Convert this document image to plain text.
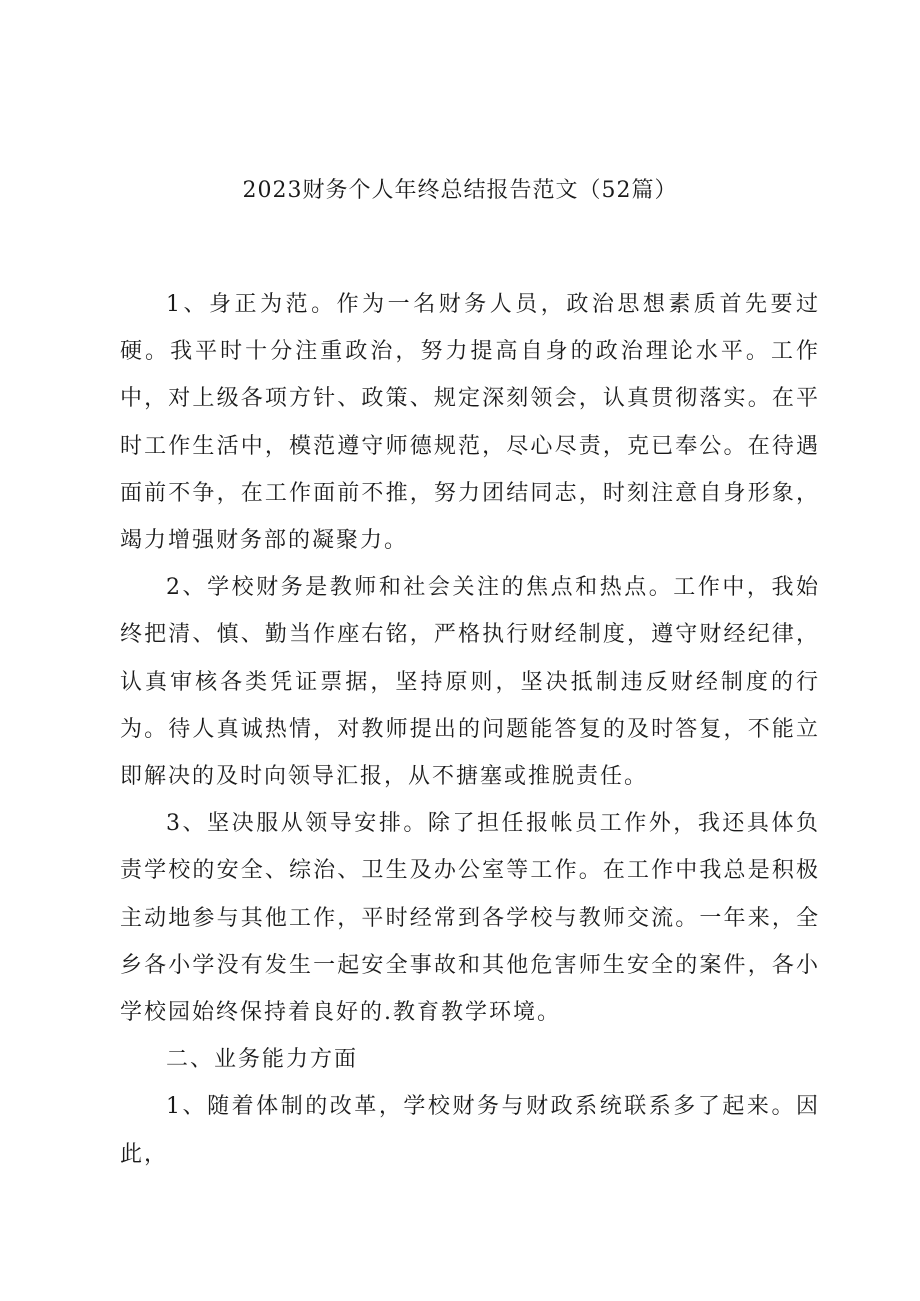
2023财务个人年终总结报告范文（52篇）

1、身正为范。作为一名财务人员，政治思想素质首先要过硬。我平时十分注重政治，努力提高自身的政治理论水平。工作中，对上级各项方针、政策、规定深刻领会，认真贯彻落实。在平时工作生活中，模范遵守师德规范，尽心尽责，克已奉公。在待遇面前不争，在工作面前不推，努力团结同志，时刻注意自身形象，竭力增强财务部的凝聚力。

2、学校财务是教师和社会关注的焦点和热点。工作中，我始终把清、慎、勤当作座右铭，严格执行财经制度，遵守财经纪律，认真审核各类凭证票据，坚持原则，坚决抵制违反财经制度的行为。待人真诚热情，对教师提出的问题能答复的及时答复，不能立即解决的及时向领导汇报，从不搪塞或推脱责任。

3、坚决服从领导安排。除了担任报帐员工作外，我还具体负责学校的安全、综治、卫生及办公室等工作。在工作中我总是积极主动地参与其他工作，平时经常到各学校与教师交流。一年来，全乡各小学没有发生一起安全事故和其他危害师生安全的案件，各小学校园始终保持着良好的.教育教学环境。

二、业务能力方面

1、随着体制的改革，学校财务与财政系统联系多了起来。因此，
